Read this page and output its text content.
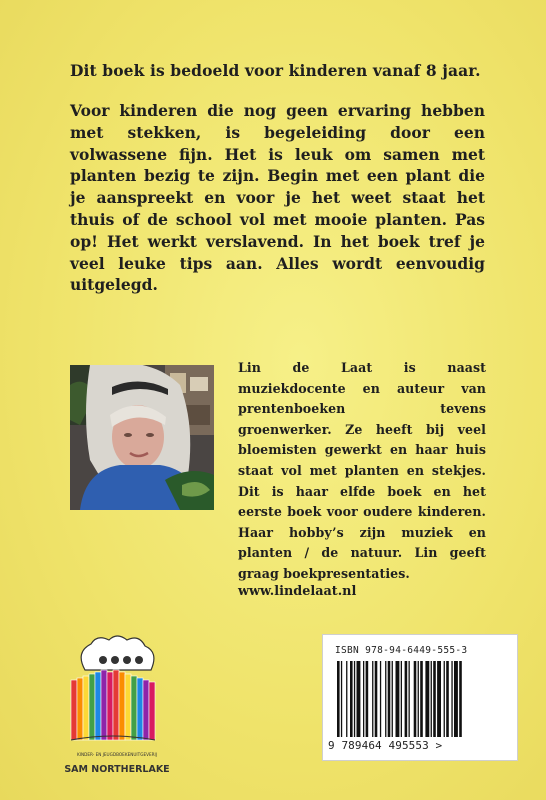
Dit boek is bedoeld voor kinderen vanaf 8 jaar.

Voor kinderen die nog geen ervaring hebben met stekken, is begeleiding door een volwassene fijn. Het is leuk om samen met planten bezig te zijn. Begin met een plant die je aanspreekt en voor je het weet staat het thuis of de school vol met mooie planten. Pas op! Het werkt verslavend. In het boek tref je veel leuke tips aan. Alles wordt eenvoudig uitgelegd.

Lin de Laat is naast muziekdocente en auteur van prentenboeken tevens groenwerker. Ze heeft bij veel bloemisten gewerkt en haar huis staat vol met planten en stekjes. Dit is haar elfde boek en het eerste boek voor oudere kinderen. Haar hobby’s zijn muziek en planten / de natuur. Lin geeft graag boekpresentaties.

www.lindelaat.nl

KINDER- EN JEUGDBOEKENUITGEVERIJ
SAM NORTHERLAKE
ISBN 978-94-6449-555-3
9 789464 495553 >
